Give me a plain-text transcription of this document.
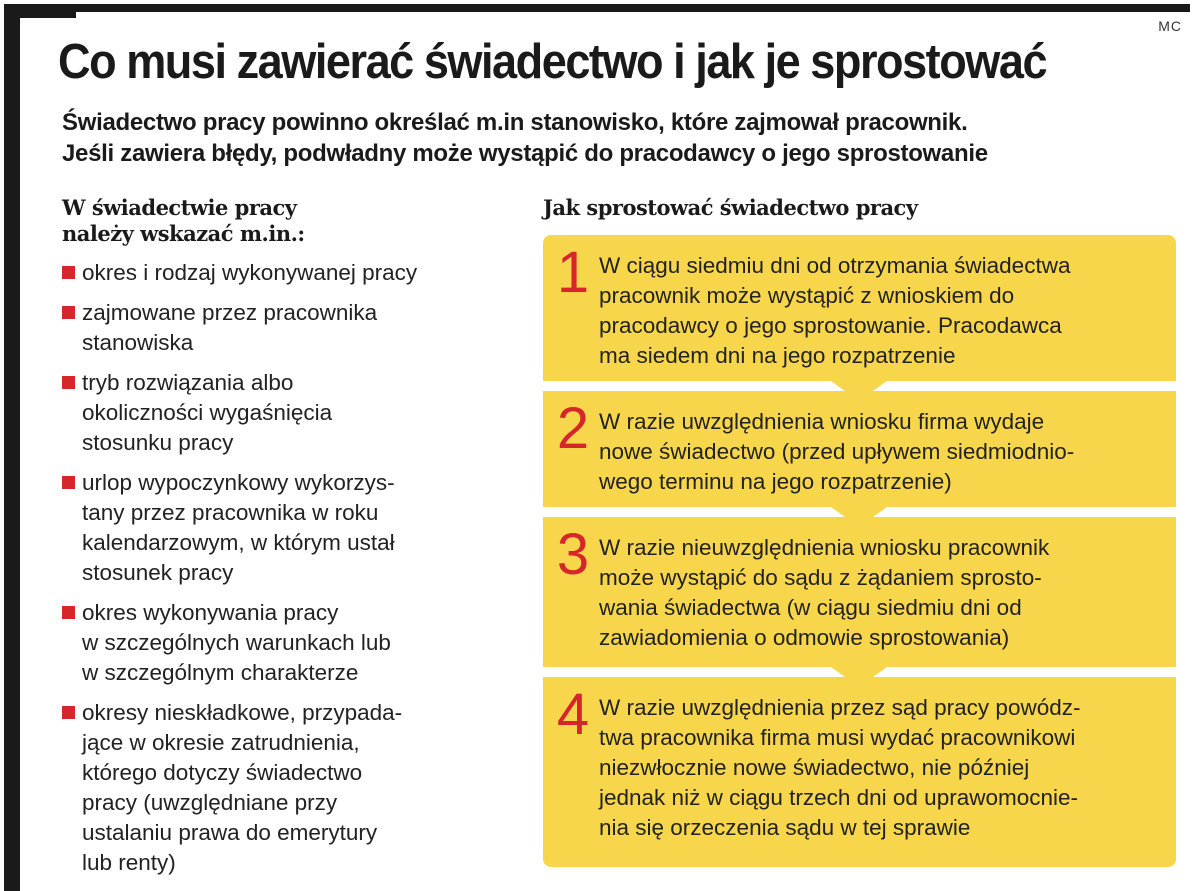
MC
Co musi zawierać świadectwo i jak je sprostować

Świadectwo pracy powinno określać m.in stanowisko, które zajmował pracownik.
Jeśli zawiera błędy, podwładny może wystąpić do pracodawcy o jego sprostowanie

W świadectwie pracy
należy wskazać m.in.:
okres i rodzaj wykonywanej pracy
zajmowane przez pracownika
stanowiska
tryb rozwiązania albo
okoliczności wygaśnięcia
stosunku pracy
urlop wypoczynkowy wykorzys-
tany przez pracownika w roku
kalendarzowym, w którym ustał
stosunek pracy
okres wykonywania pracy
w szczególnych warunkach lub
w szczególnym charakterze
okresy nieskładkowe, przypada-
jące w okresie zatrudnienia,
którego dotyczy świadectwo
pracy (uwzględniane przy
ustalaniu prawa do emerytury
lub renty)
Jak sprostować świadectwo pracy
1 W ciągu siedmiu dni od otrzymania świadectwa
pracownik może wystąpić z wnioskiem do
pracodawcy o jego sprostowanie. Pracodawca
ma siedem dni na jego rozpatrzenie
2 W razie uwzględnienia wniosku firma wydaje
nowe świadectwo (przed upływem siedmiodnio-
wego terminu na jego rozpatrzenie)
3 W razie nieuwzględnienia wniosku pracownik
może wystąpić do sądu z żądaniem sprosto-
wania świadectwa (w ciągu siedmiu dni od
zawiadomienia o odmowie sprostowania)
4 W razie uwzględnienia przez sąd pracy powódz-
twa pracownika firma musi wydać pracownikowi
niezwłocznie nowe świadectwo, nie później
jednak niż w ciągu trzech dni od uprawomocnie-
nia się orzeczenia sądu w tej sprawie
